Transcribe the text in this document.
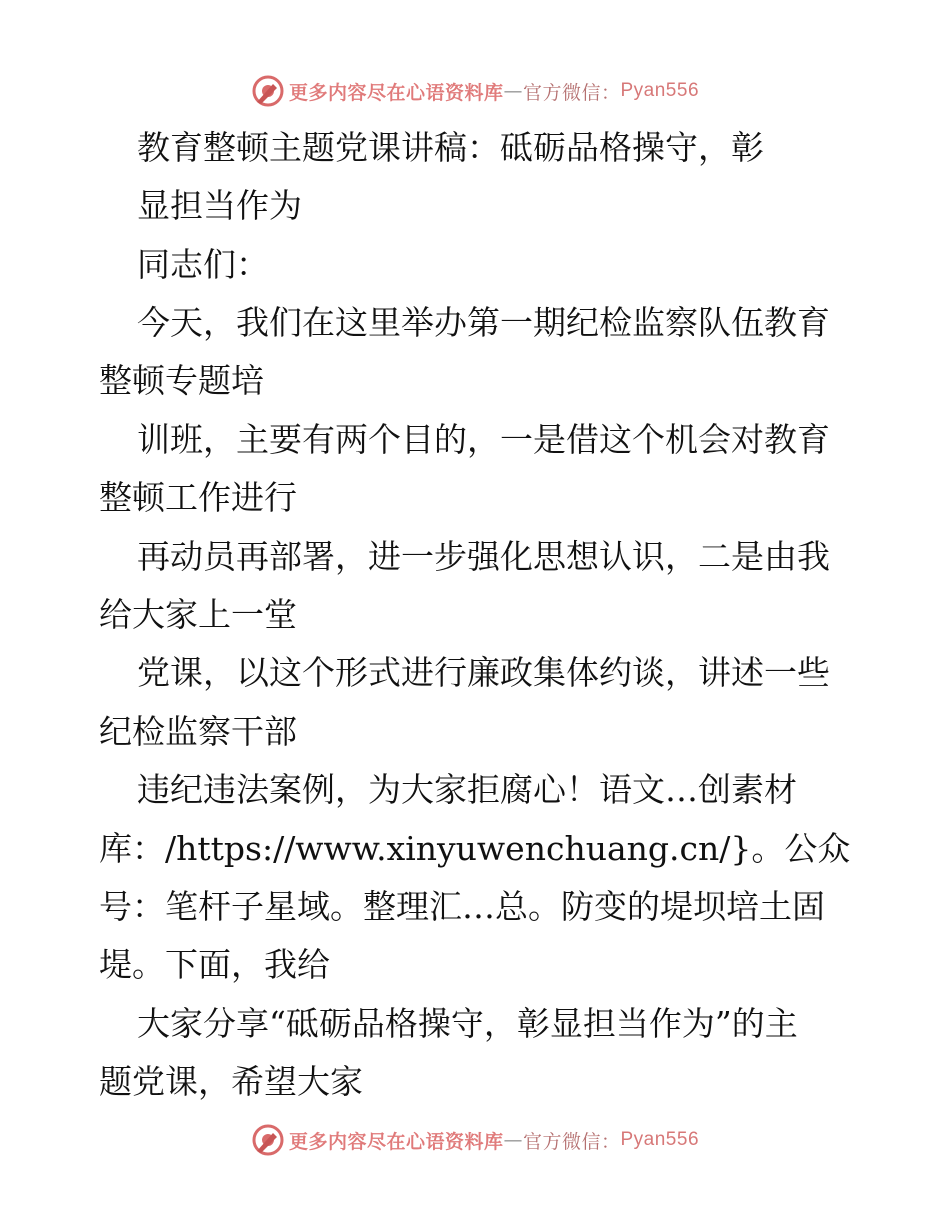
更多内容尽在心语资料库 — 官方微信： Pyan556
教育整顿主题党课讲稿：砥砺品格操守，彰
显担当作为
同志们：
今天，我们在这里举办第一期纪检监察队伍教育
整顿专题培
训班，主要有两个目的，一是借这个机会对教育
整顿工作进行
再动员再部署，进一步强化思想认识，二是由我
给大家上一堂
党课，以这个形式进行廉政集体约谈，讲述一些
纪检监察干部
违纪违法案例，为大家拒腐心！语文…创素材
库：/https://www.xinyuwenchuang.cn/}。公众
号：笔杆子星域。整理汇…总。防变的堤坝培土固
堤。下面，我给
大家分享“砥砺品格操守，彰显担当作为”的主
题党课，希望大家
更多内容尽在心语资料库 — 官方微信： Pyan556
